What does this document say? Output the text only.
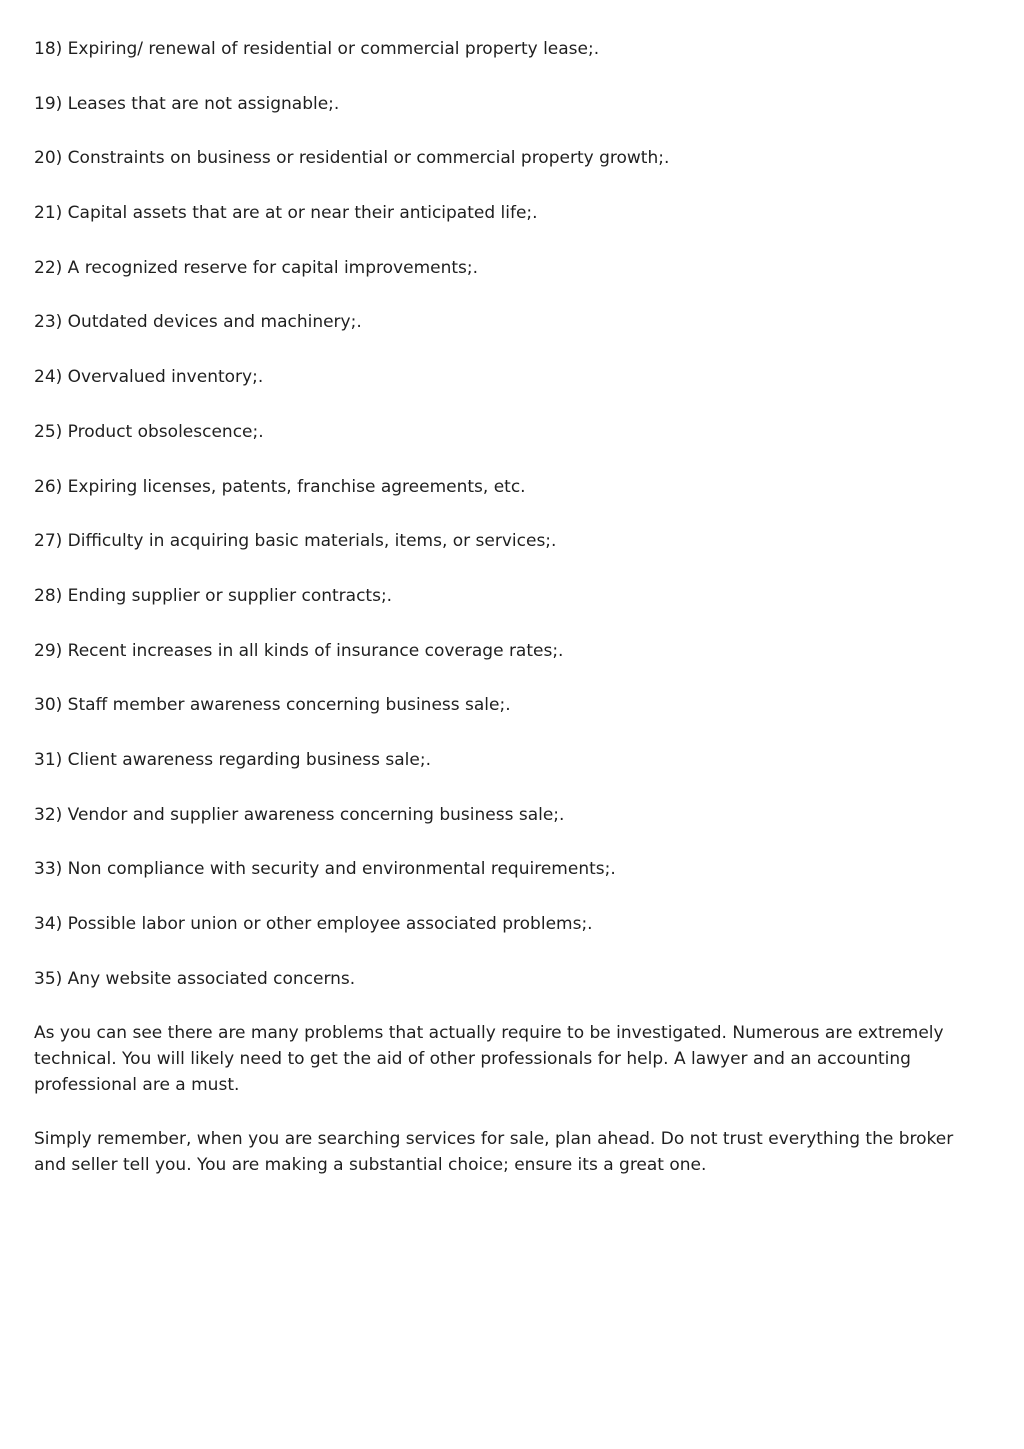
18) Expiring/ renewal of residential or commercial property lease;.
19) Leases that are not assignable;.
20) Constraints on business or residential or commercial property growth;.
21) Capital assets that are at or near their anticipated life;.
22) A recognized reserve for capital improvements;.
23) Outdated devices and machinery;.
24) Overvalued inventory;.
25) Product obsolescence;.
26) Expiring licenses, patents, franchise agreements, etc.
27) Difficulty in acquiring basic materials, items, or services;.
28) Ending supplier or supplier contracts;.
29) Recent increases in all kinds of insurance coverage rates;.
30) Staff member awareness concerning business sale;.
31) Client awareness regarding business sale;.
32) Vendor and supplier awareness concerning business sale;.
33) Non compliance with security and environmental requirements;.
34) Possible labor union or other employee associated problems;.
35) Any website associated concerns.

As you can see there are many problems that actually require to be investigated. Numerous are extremely technical. You will likely need to get the aid of other professionals for help. A lawyer and an accounting professional are a must.

Simply remember, when you are searching services for sale, plan ahead. Do not trust everything the broker and seller tell you. You are making a substantial choice; ensure its a great one.
